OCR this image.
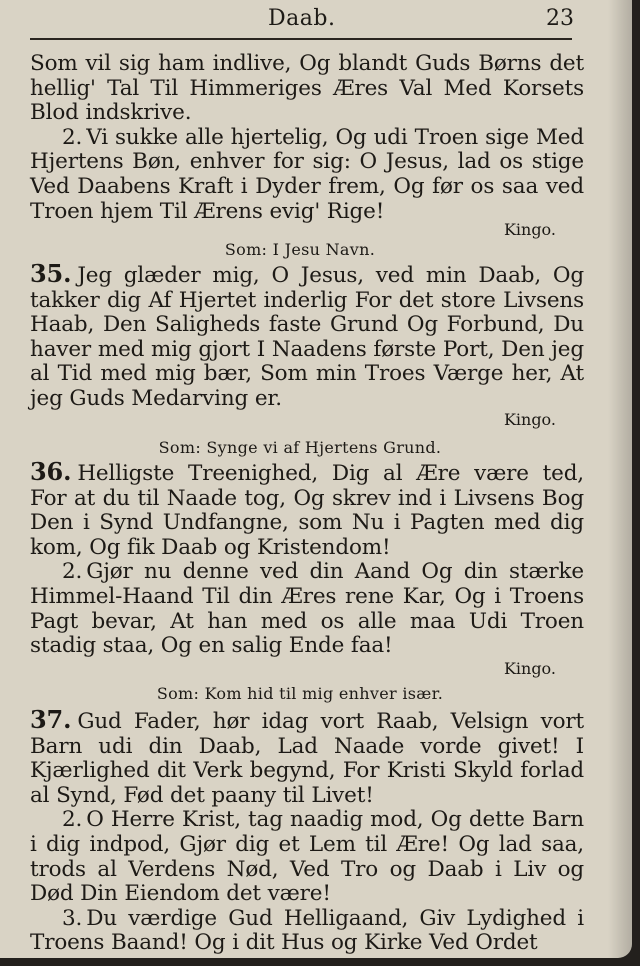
Daab.	23

Som vil sig ham indlive, Og blandt Guds Børns det hellig' Tal Til Himmeriges Æres Val Med Korsets Blod indskrive.

2. Vi sukke alle hjertelig, Og udi Troen sige Med Hjertens Bøn, enhver for sig: O Jesus, lad os stige Ved Daabens Kraft i Dyder frem, Og før os saa ved Troen hjem Til Ærens evig' Rige!

Kingo.
Som: I Jesu Navn.

35. Jeg glæder mig, O Jesus, ved min Daab, Og takker dig Af Hjertet inderlig For det store Livsens Haab, Den Saligheds faste Grund Og Forbund, Du haver med mig gjort I Naadens første Port, Den jeg al Tid med mig bær, Som min Troes Værge her, At jeg Guds Medarving er.

Kingo.
Som: Synge vi af Hjertens Grund.

36. Helligste Treenighed, Dig al Ære være ted, For at du til Naade tog, Og skrev ind i Livsens Bog Den i Synd Undfangne, som Nu i Pagten med dig kom, Og fik Daab og Kristendom!

2. Gjør nu denne ved din Aand Og din stærke Himmel-Haand Til din Æres rene Kar, Og i Troens Pagt bevar, At han med os alle maa Udi Troen stadig staa, Og en salig Ende faa!

Kingo.
Som: Kom hid til mig enhver især.

37. Gud Fader, hør idag vort Raab, Velsign vort Barn udi din Daab, Lad Naade vorde givet! I Kjærlighed dit Verk begynd, For Kristi Skyld forlad al Synd, Fød det paany til Livet!

2. O Herre Krist, tag naadig mod, Og dette Barn i dig indpod, Gjør dig et Lem til Ære! Og lad saa, trods al Verdens Nød, Ved Tro og Daab i Liv og Død Din Eiendom det være!

3. Du værdige Gud Helligaand, Giv Lydighed i Troens Baand! Og i dit Hus og Kirke Ved Ordet
